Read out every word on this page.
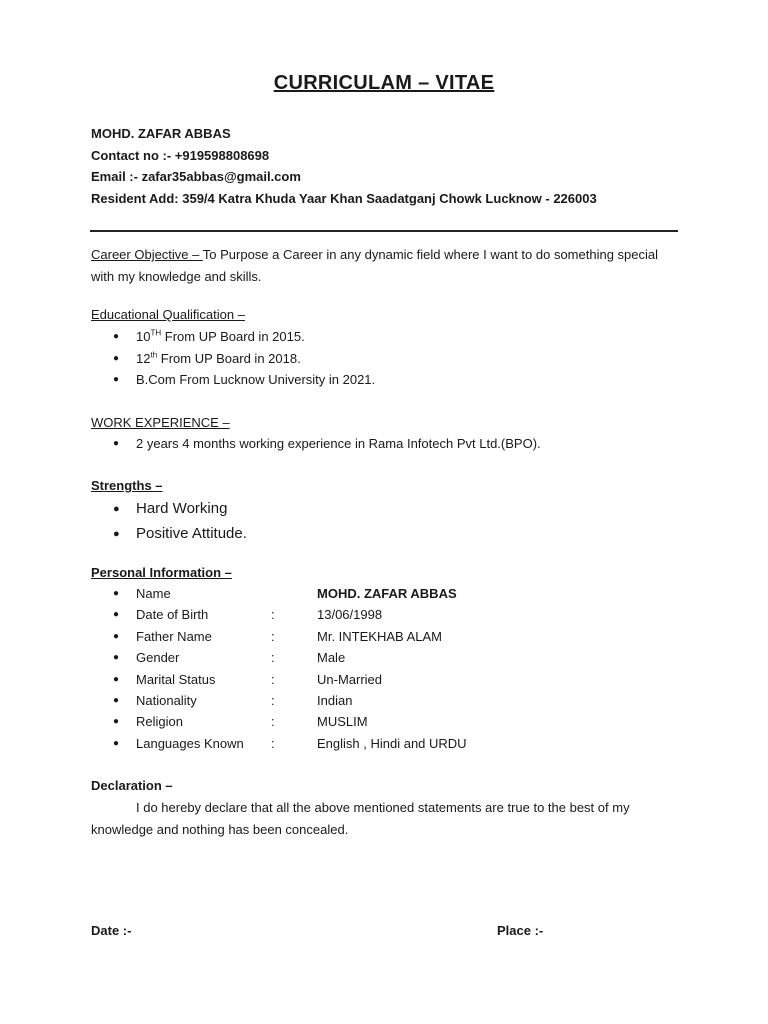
CURRICULAM – VITAE
MOHD. ZAFAR ABBAS
Contact no :- +919598808698
Email :- zafar35abbas@gmail.com
Resident Add: 359/4 Katra Khuda Yaar Khan Saadatganj Chowk Lucknow - 226003
Career Objective – To Purpose a Career in any dynamic field where I want to do something special with my knowledge and skills.
Educational Qualification –
● 10TH From UP Board in 2015.
● 12th From UP Board in 2018.
● B.Com From Lucknow University in 2021.
WORK EXPERIENCE –
● 2 years 4 months working experience in Rama Infotech Pvt Ltd.(BPO).
Strengths –
● Hard Working
● Positive Attitude.
Personal Information –
● Name	MOHD. ZAFAR ABBAS
● Date of Birth	:	13/06/1998
● Father Name	:	Mr. INTEKHAB ALAM
● Gender	:	Male
● Marital Status	:	Un-Married
● Nationality	:	Indian
● Religion	:	MUSLIM
● Languages Known :	English , Hindi and URDU
Declaration –
I do hereby declare that all the above mentioned statements are true to the best of my knowledge and nothing has been concealed.
Date :-	Place :-
